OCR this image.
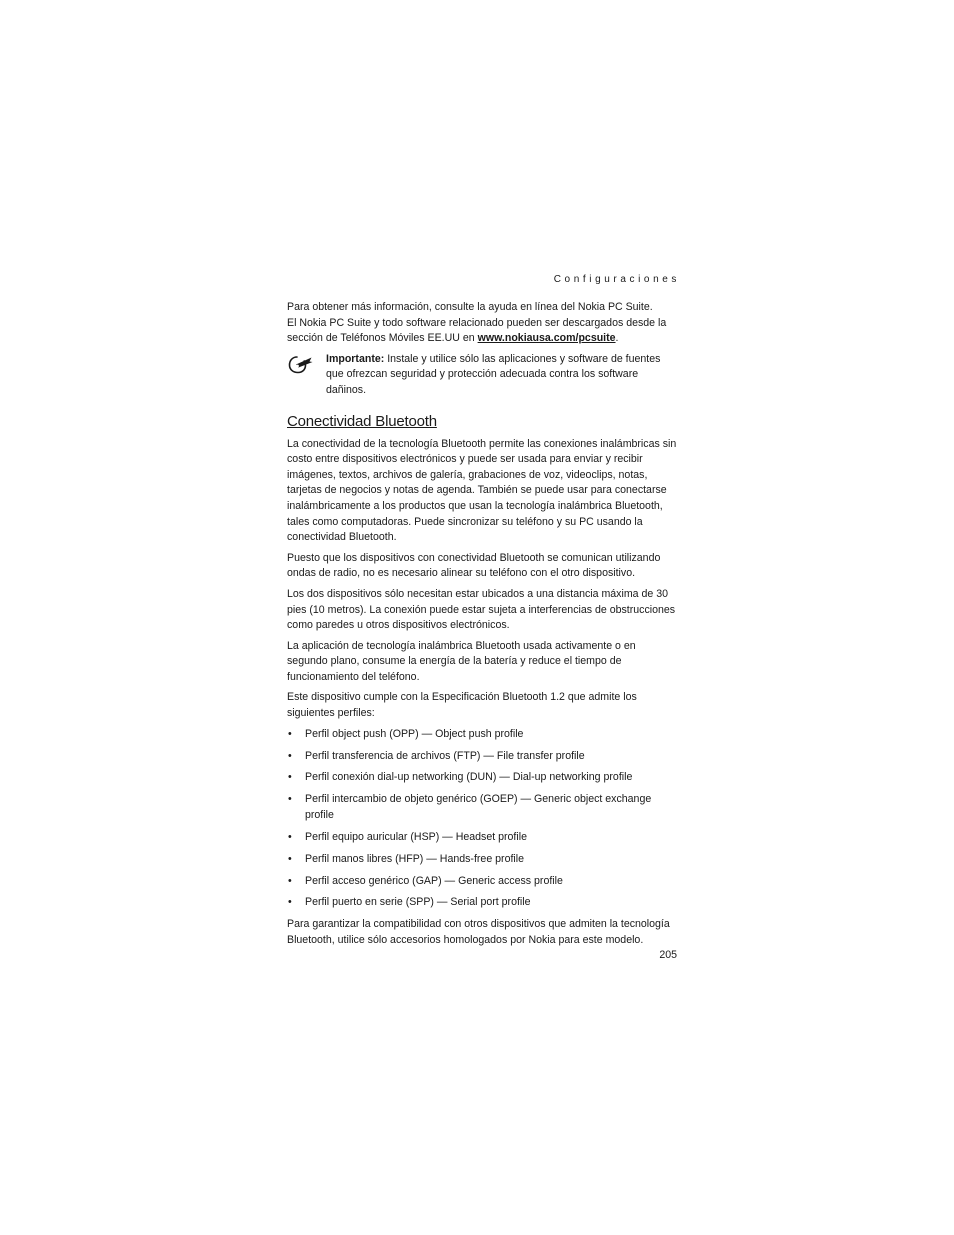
Configuraciones

Para obtener más información, consulte la ayuda en línea del Nokia PC Suite.

El Nokia PC Suite y todo software relacionado pueden ser descargados desde la sección de Teléfonos Móviles EE.UU en www.nokiausa.com/pcsuite.

Importante: Instale y utilice sólo las aplicaciones y software de fuentes que ofrezcan seguridad y protección adecuada contra los software dañinos.

Conectividad Bluetooth

La conectividad de la tecnología Bluetooth permite las conexiones inalámbricas sin costo entre dispositivos electrónicos y puede ser usada para enviar y recibir imágenes, textos, archivos de galería, grabaciones de voz, videoclips, notas, tarjetas de negocios y notas de agenda. También se puede usar para conectarse inalámbricamente a los productos que usan la tecnología inalámbrica Bluetooth, tales como computadoras. Puede sincronizar su teléfono y su PC usando la conectividad Bluetooth.

Puesto que los dispositivos con conectividad Bluetooth se comunican utilizando ondas de radio, no es necesario alinear su teléfono con el otro dispositivo.

Los dos dispositivos sólo necesitan estar ubicados a una distancia máxima de 30 pies (10 metros). La conexión puede estar sujeta a interferencias de obstrucciones como paredes u otros dispositivos electrónicos.

La aplicación de tecnología inalámbrica Bluetooth usada activamente o en segundo plano, consume la energía de la batería y reduce el tiempo de funcionamiento del teléfono.

Este dispositivo cumple con la Especificación Bluetooth 1.2 que admite los siguientes perfiles:

• Perfil object push (OPP) — Object push profile
• Perfil transferencia de archivos (FTP) — File transfer profile
• Perfil conexión dial-up networking (DUN) — Dial-up networking profile
• Perfil intercambio de objeto genérico (GOEP) — Generic object exchange profile
• Perfil equipo auricular (HSP) — Headset profile
• Perfil manos libres (HFP) — Hands-free profile
• Perfil acceso genérico (GAP) — Generic access profile
• Perfil puerto en serie (SPP) — Serial port profile

Para garantizar la compatibilidad con otros dispositivos que admiten la tecnología Bluetooth, utilice sólo accesorios homologados por Nokia para este modelo.

205
